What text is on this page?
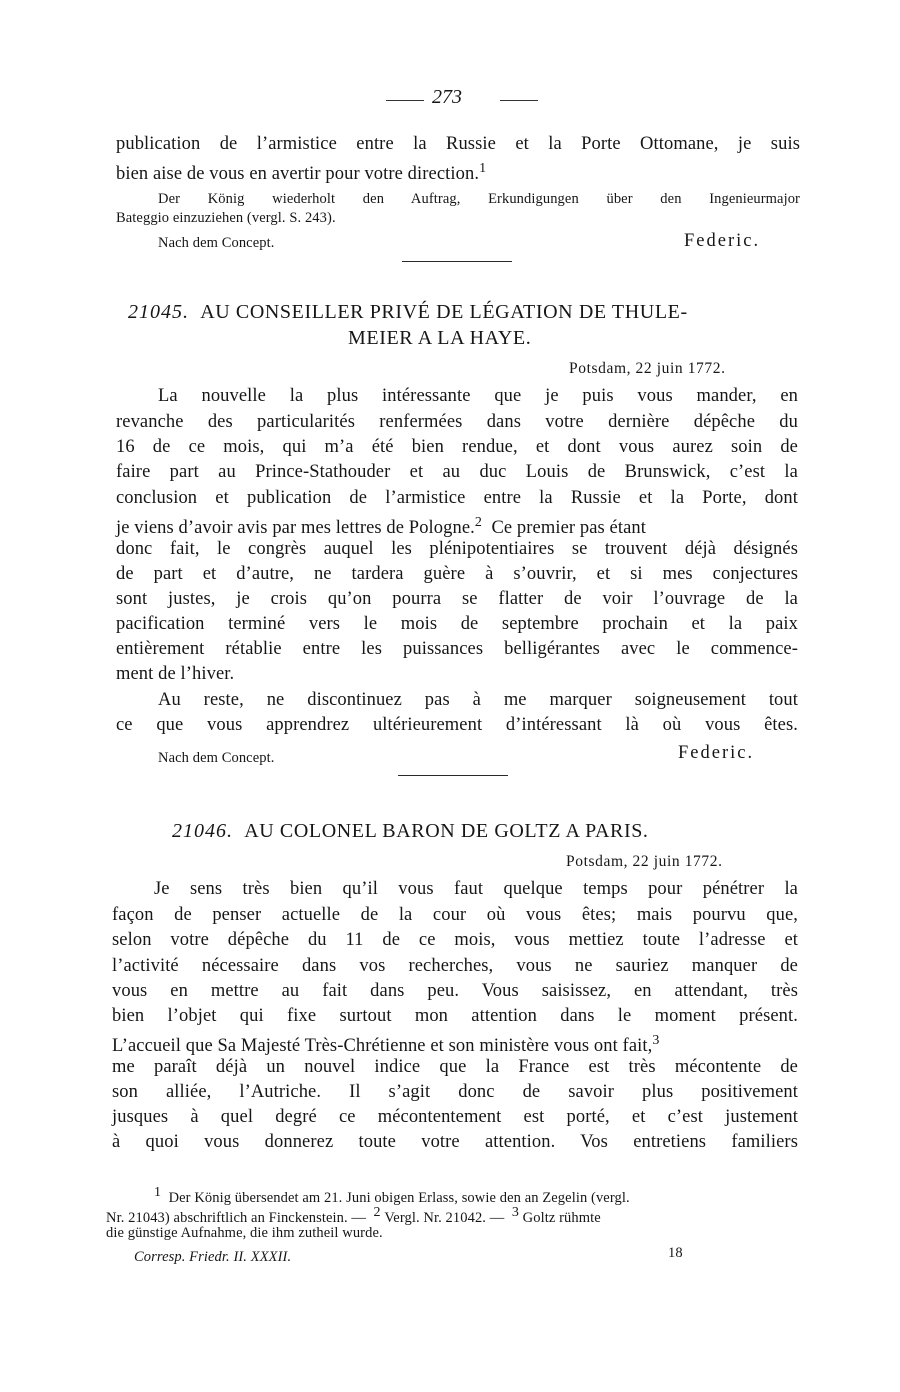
273
publication de l’armistice entre la Russie et la Porte Ottomane, je suis
bien aise de vous en avertir pour votre direction.$^1$
Der König wiederholt den Auftrag, Erkundigungen über den Ingenieurmajor
Bateggio einzuziehen (vergl. S. 243).
Nach dem Concept.	Federic.
21045. AU CONSEILLER PRIVÉ DE LÉGATION DE THULE-
MEIER A LA HAYE.
Potsdam, 22 juin 1772.
La nouvelle la plus intéressante que je puis vous mander, en
revanche des particularités renfermées dans votre dernière dépêche du
16 de ce mois, qui m’a été bien rendue, et dont vous aurez soin de
faire part au Prince-Stathouder et au duc Louis de Brunswick, c’est la
conclusion et publication de l’armistice entre la Russie et la Porte, dont
je viens d’avoir avis par mes lettres de Pologne.$^2$ Ce premier pas étant
donc fait, le congrès auquel les plénipotentiaires se trouvent déjà désignés
de part et d’autre, ne tardera guère à s’ouvrir, et si mes conjectures
sont justes, je crois qu’on pourra se flatter de voir l’ouvrage de la
pacification terminé vers le mois de septembre prochain et la paix
entièrement rétablie entre les puissances belligérantes avec le commence-
ment de l’hiver.
Au reste, ne discontinuez pas à me marquer soigneusement tout
ce que vous apprendrez ultérieurement d’intéressant là où vous êtes.
Nach dem Concept.	Federic.
21046. AU COLONEL BARON DE GOLTZ A PARIS.
Potsdam, 22 juin 1772.
Je sens très bien qu’il vous faut quelque temps pour pénétrer la
façon de penser actuelle de la cour où vous êtes; mais pourvu que,
selon votre dépêche du 11 de ce mois, vous mettiez toute l’adresse et
l’activité nécessaire dans vos recherches, vous ne sauriez manquer de
vous en mettre au fait dans peu. Vous saisissez, en attendant, très
bien l’objet qui fixe surtout mon attention dans le moment présent.
L’accueil que Sa Majesté Très-Chrétienne et son ministère vous ont fait,$^3$
me paraît déjà un nouvel indice que la France est très mécontente de
son alliée, l’Autriche. Il s’agit donc de savoir plus positivement
jusques à quel degré ce mécontentement est porté, et c’est justement
à quoi vous donnerez toute votre attention. Vos entretiens familiers
$^1$ Der König übersendet am 21. Juni obigen Erlass, sowie den an Zegelin (vergl.
Nr. 21043) abschriftlich an Finckenstein. — $^2$ Vergl. Nr. 21042. — $^3$ Goltz rühmte
die günstige Aufnahme, die ihm zutheil wurde.
Corresp. Friedr. II. XXXII.	18
